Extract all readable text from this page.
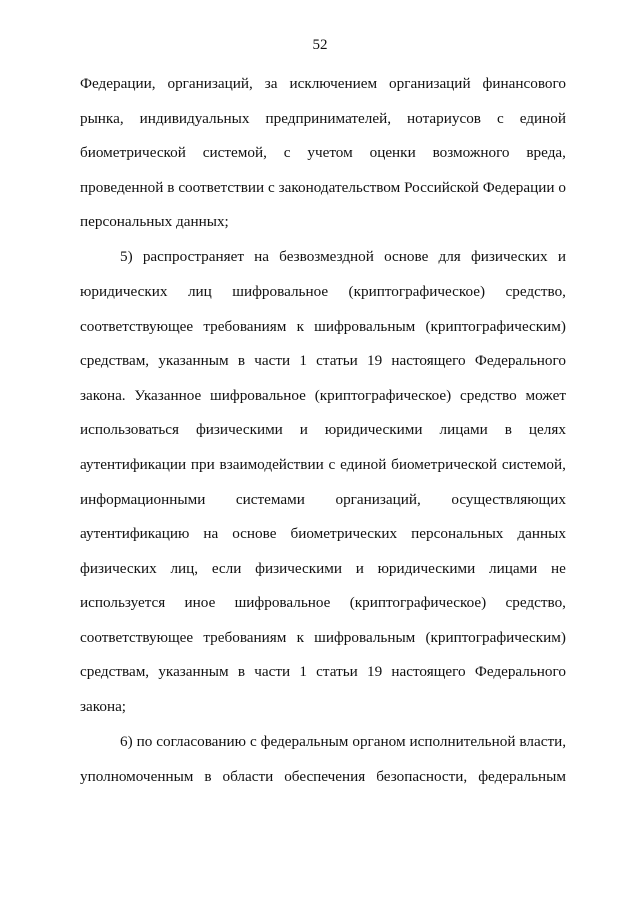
52
Федерации, организаций, за исключением организаций финансового
рынка, индивидуальных предпринимателей, нотариусов с единой
биометрической системой, с учетом оценки возможного вреда,
проведенной в соответствии с законодательством Российской Федерации о
персональных данных;
5) распространяет на безвозмездной основе для физических и
юридических лиц шифровальное (криптографическое) средство,
соответствующее требованиям к шифровальным (криптографическим)
средствам, указанным в части 1 статьи 19 настоящего Федерального
закона. Указанное шифровальное (криптографическое) средство может
использоваться физическими и юридическими лицами в целях
аутентификации при взаимодействии с единой биометрической системой,
информационными системами организаций, осуществляющих
аутентификацию на основе биометрических персональных данных
физических лиц, если физическими и юридическими лицами не
используется иное шифровальное (криптографическое) средство,
соответствующее требованиям к шифровальным (криптографическим)
средствам, указанным в части 1 статьи 19 настоящего Федерального
закона;
6) по согласованию с федеральным органом исполнительной власти,
уполномоченным в области обеспечения безопасности, федеральным
